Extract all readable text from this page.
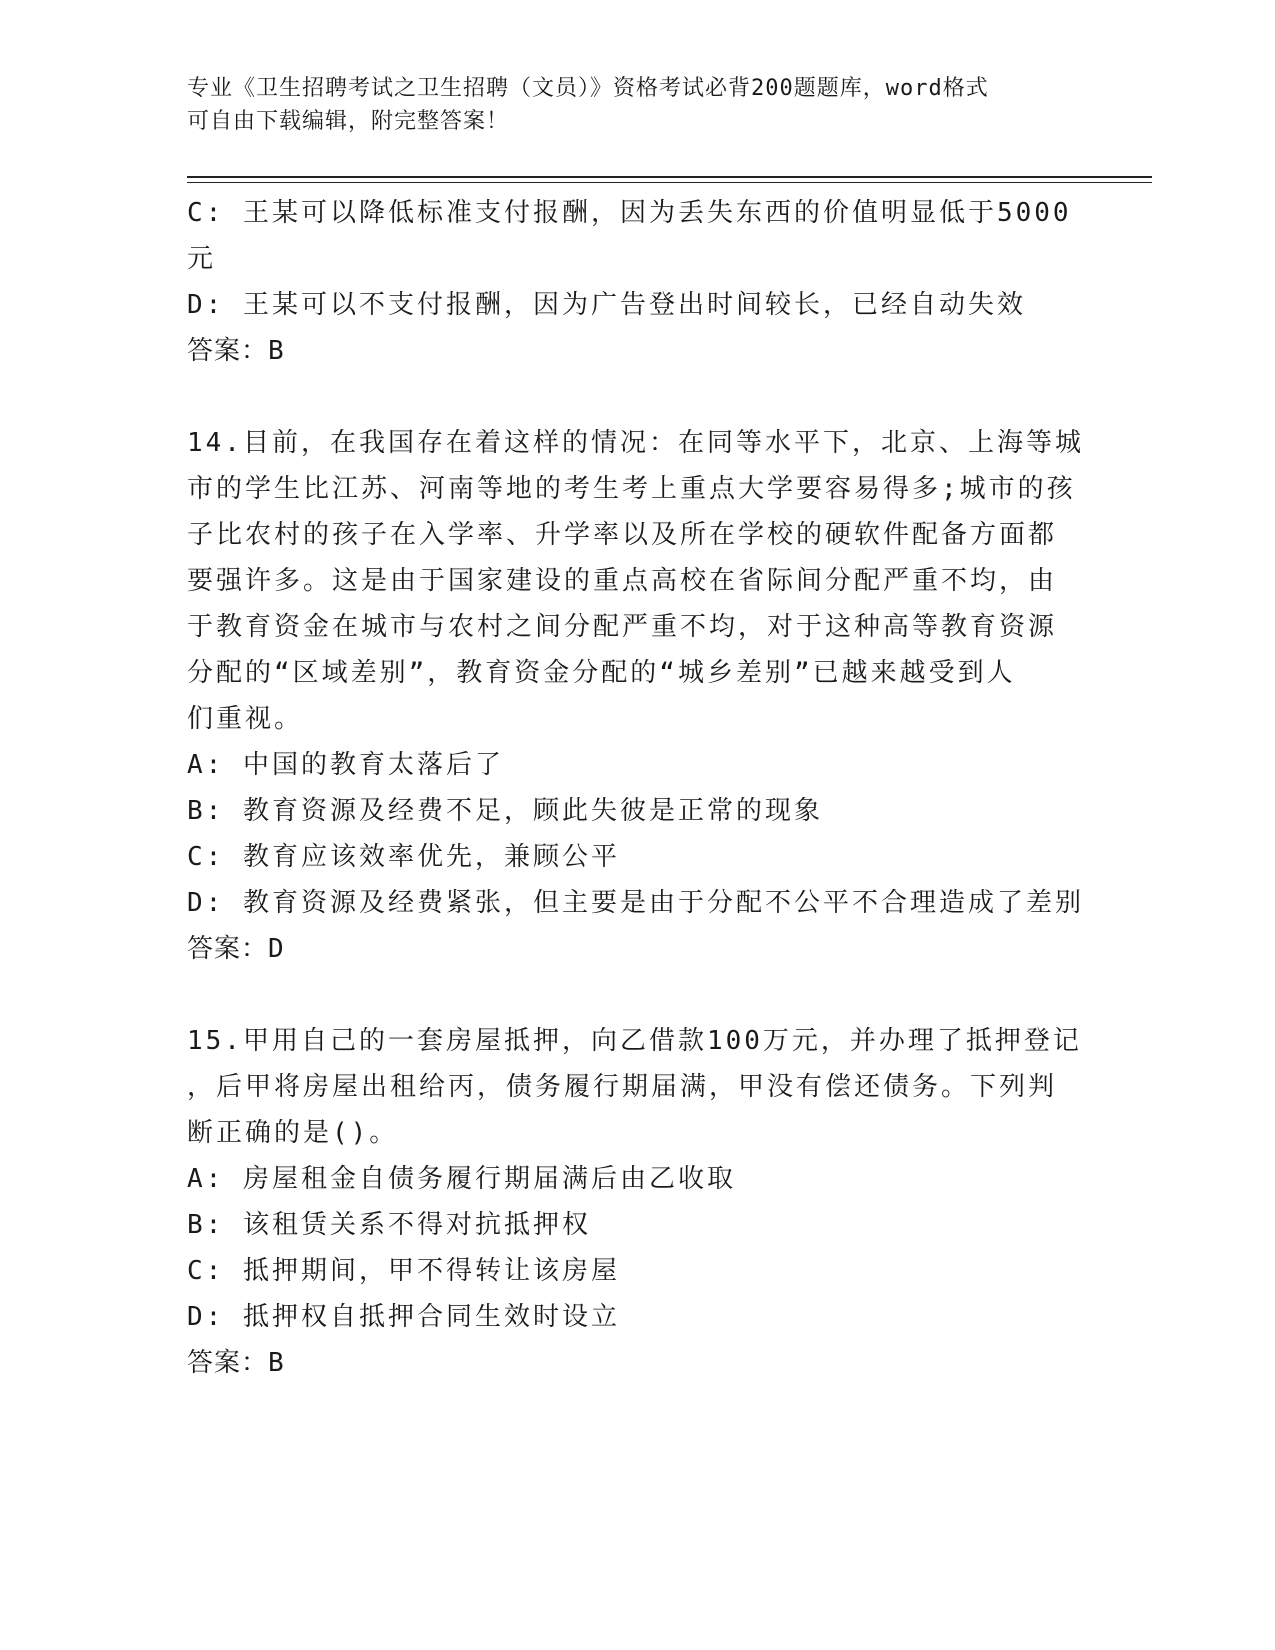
专业《卫生招聘考试之卫生招聘（文员）》资格考试必背200题题库，word格式
可自由下载编辑，附完整答案！
C: 王某可以降低标准支付报酬，因为丢失东西的价值明显低于5000
元
D: 王某可以不支付报酬，因为广告登出时间较长，已经自动失效
答案：B
14.目前，在我国存在着这样的情况：在同等水平下，北京、上海等城
市的学生比江苏、河南等地的考生考上重点大学要容易得多;城市的孩
子比农村的孩子在入学率、升学率以及所在学校的硬软件配备方面都
要强许多。这是由于国家建设的重点高校在省际间分配严重不均，由
于教育资金在城市与农村之间分配严重不均，对于这种高等教育资源
分配的“区域差别”，教育资金分配的“城乡差别”已越来越受到人
们重视。
A: 中国的教育太落后了
B: 教育资源及经费不足，顾此失彼是正常的现象
C: 教育应该效率优先，兼顾公平
D: 教育资源及经费紧张，但主要是由于分配不公平不合理造成了差别
答案：D
15.甲用自己的一套房屋抵押，向乙借款100万元，并办理了抵押登记
，后甲将房屋出租给丙，债务履行期届满，甲没有偿还债务。下列判
断正确的是()。
A: 房屋租金自债务履行期届满后由乙收取
B: 该租赁关系不得对抗抵押权
C: 抵押期间，甲不得转让该房屋
D: 抵押权自抵押合同生效时设立
答案：B
